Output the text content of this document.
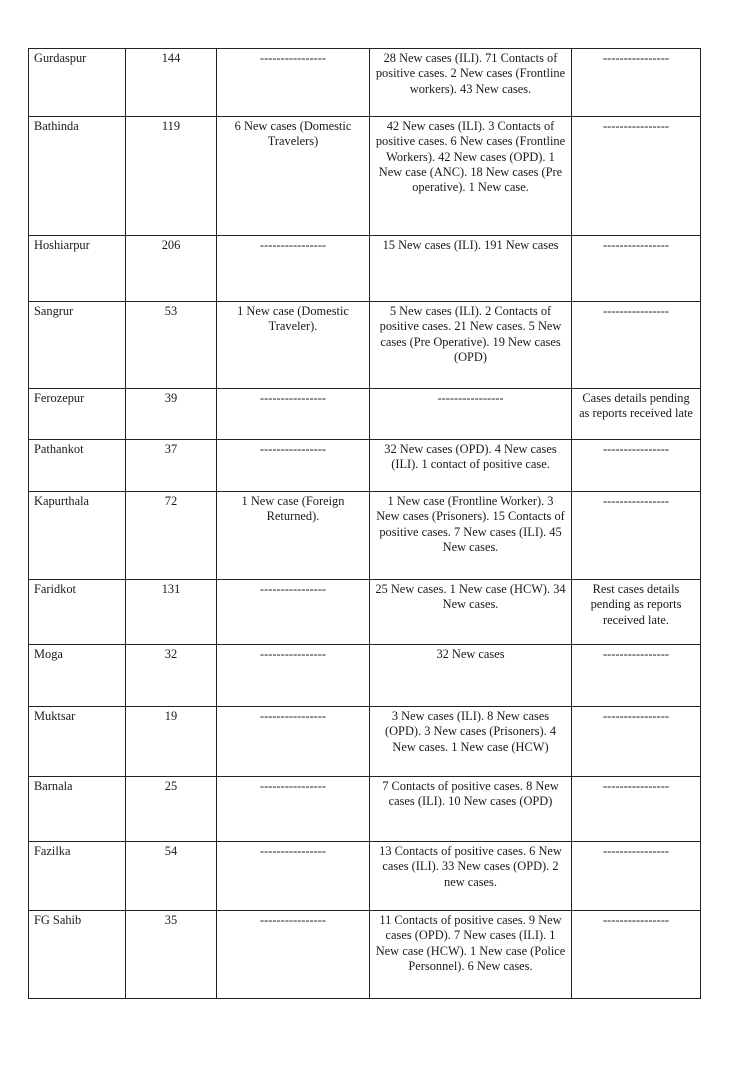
Gurdaspur	144	----------------	28 New cases (ILI). 71 Contacts of positive cases. 2 New cases (Frontline workers). 43 New cases.	----------------
Bathinda	119	6 New cases (Domestic Travelers)	42 New cases (ILI). 3 Contacts of positive cases. 6 New cases (Frontline Workers). 42 New cases (OPD). 1 New case (ANC). 18 New cases (Pre operative). 1 New case.	----------------
Hoshiarpur	206	----------------	15 New cases (ILI). 191 New cases	----------------
Sangrur	53	1 New case (Domestic Traveler).	5 New cases (ILI). 2 Contacts of positive cases. 21 New cases. 5 New cases (Pre Operative). 19 New cases (OPD)	----------------
Ferozepur	39	----------------	----------------	Cases details pending as reports received late
Pathankot	37	----------------	32 New cases (OPD). 4 New cases (ILI). 1 contact of positive case.	----------------
Kapurthala	72	1 New case (Foreign Returned).	1 New case (Frontline Worker). 3 New cases (Prisoners). 15 Contacts of positive cases. 7 New cases (ILI). 45 New cases.	----------------
Faridkot	131	----------------	25 New cases. 1 New case (HCW). 34 New cases.	Rest cases details pending as reports received late.
Moga	32	----------------	32 New cases	----------------
Muktsar	19	----------------	3 New cases (ILI). 8 New cases (OPD). 3 New cases (Prisoners). 4 New cases. 1 New case (HCW)	----------------
Barnala	25	----------------	7 Contacts of positive cases. 8 New cases (ILI). 10 New cases (OPD)	----------------
Fazilka	54	----------------	13 Contacts of positive cases. 6 New cases (ILI). 33 New cases (OPD). 2 new cases.	----------------
FG Sahib	35	----------------	11 Contacts of positive cases. 9 New cases (OPD). 7 New cases (ILI). 1 New case (HCW). 1 New case (Police Personnel). 6 New cases.	----------------
